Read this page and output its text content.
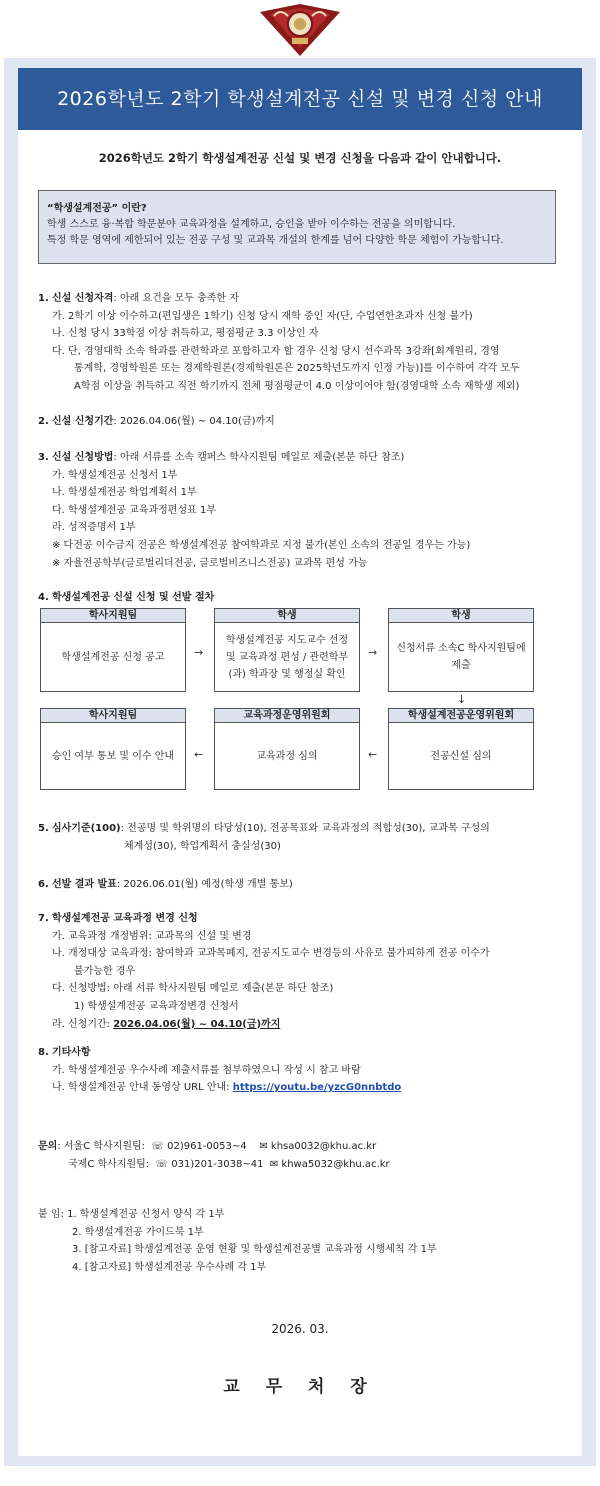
2026학년도 2학기 학생설계전공 신설 및 변경 신청 안내
2026학년도 2학기 학생설계전공 신설 및 변경 신청을 다음과 같이 안내합니다.
“학생설계전공” 이란?
학생 스스로 융·복합 학문분야 교육과정을 설계하고, 승인을 받아 이수하는 전공을 의미합니다.
특정 학문 영역에 제한되어 있는 전공 구성 및 교과목 개설의 한계를 넘어 다양한 학문 체험이 가능합니다.
1. 신설 신청자격: 아래 요건을 모두 충족한 자
가. 2학기 이상 이수하고(편입생은 1학기) 신청 당시 재학 중인 자(단, 수업연한초과자 신청 불가)
나. 신청 당시 33학점 이상 취득하고, 평점평균 3.3 이상인 자
다. 단, 경영대학 소속 학과를 관련학과로 포함하고자 할 경우 신청 당시 선수과목 3강좌[회계원리, 경영
통계학, 경영학원론 또는 경제학원론(경제학원론은 2025학년도까지 인정 가능)]를 이수하여 각각 모두
A학점 이상을 취득하고 직전 학기까지 전체 평점평균이 4.0 이상이어야 함(경영대학 소속 재학생 제외)
2. 신설 신청기간: 2026.04.06(월) ~ 04.10(금)까지
3. 신설 신청방법: 아래 서류를 소속 캠퍼스 학사지원팀 메일로 제출(본문 하단 참조)
가. 학생설계전공 신청서 1부
나. 학생설계전공 학업계획서 1부
다. 학생설계전공 교육과정편성표 1부
라. 성적증명서 1부
※ 다전공 이수금지 전공은 학생설계전공 참여학과로 지정 불가(본인 소속의 전공일 경우는 가능)
※ 자율전공학부(글로벌리더전공, 글로벌비즈니스전공) 교과목 편성 가능
4. 학생설계전공 신설 신청 및 선발 절차
학사지원팀
학생설계전공 신청 공고	→
학생
학생설계전공 지도교수 선정 및 교육과정 편성 / 관련학부(과) 학과장 및 행정실 확인
→
학생
신청서류 소속C 학사지원팀에 제출
↓
학사지원팀
승인 여부 통보 및 이수 안내	←
교육과정운영위원회
교육과정 심의	←
학생설계전공운영위원회
전공신설 심의
5. 심사기준(100): 전공명 및 학위명의 타당성(10), 전공목표와 교육과정의 적합성(30), 교과목 구성의
체계성(30), 학업계획서 충실성(30)
6. 선발 결과 발표: 2026.06.01(월) 예정(학생 개별 통보)
7. 학생설계전공 교육과정 변경 신청
가. 교육과정 개정범위: 교과목의 신설 및 변경
나. 개정대상 교육과정: 참여학과 교과목폐지, 전공지도교수 변경등의 사유로 불가피하게 전공 이수가
불가능한 경우
다. 신청방법: 아래 서류 학사지원팀 메일로 제출(본문 하단 참조)
1) 학생설계전공 교육과정변경 신청서
라. 신청기간: 2026.04.06(월) ~ 04.10(금)까지
8. 기타사항
가. 학생설계전공 우수사례 제출서류를 첨부하였으니 작성 시 참고 바람
나. 학생설계전공 안내 동영상 URL 안내: https://youtu.be/yzcG0nnbtdo
문의: 서울C 학사지원팀: ☏ 02)961-0053~4 ✉ khsa0032@khu.ac.kr
국제C 학사지원팀: ☏ 031)201-3038~41 ✉ khwa5032@khu.ac.kr
붙 임: 1. 학생설계전공 신청서 양식 각 1부
2. 학생설계전공 가이드북 1부
3. [참고자료] 학생설계전공 운영 현황 및 학생설계전공별 교육과정 시행세칙 각 1부
4. [참고자료] 학생설계전공 우수사례 각 1부
2026. 03.
교 무 처 장
